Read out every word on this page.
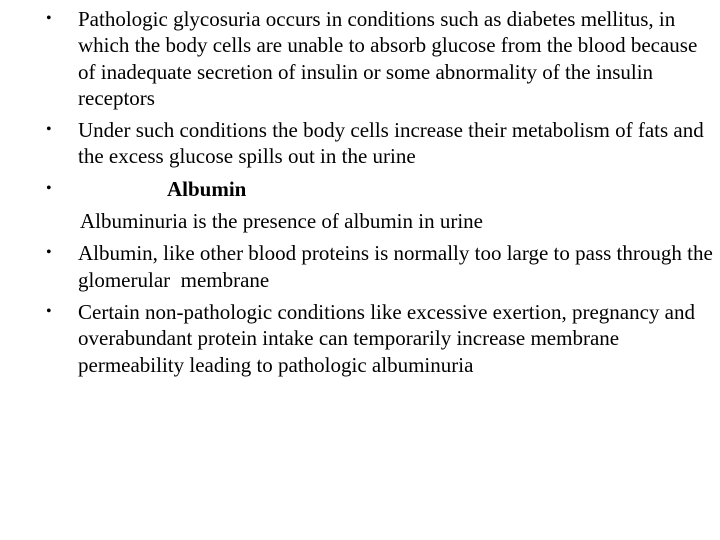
•	Pathologic glycosuria occurs in conditions such as diabetes mellitus, in which the body cells are unable to absorb glucose from the blood because of inadequate secretion of insulin or some abnormality of the insulin receptors
•	Under such conditions the body cells increase their metabolism of fats and the excess glucose spills out in the urine
•	Albumin
Albuminuria is the presence of albumin in urine
•	Albumin, like other blood proteins is normally too large to pass through the glomerular  membrane
•	Certain non-pathologic conditions like excessive exertion, pregnancy and overabundant protein intake can temporarily increase membrane permeability leading to pathologic albuminuria
